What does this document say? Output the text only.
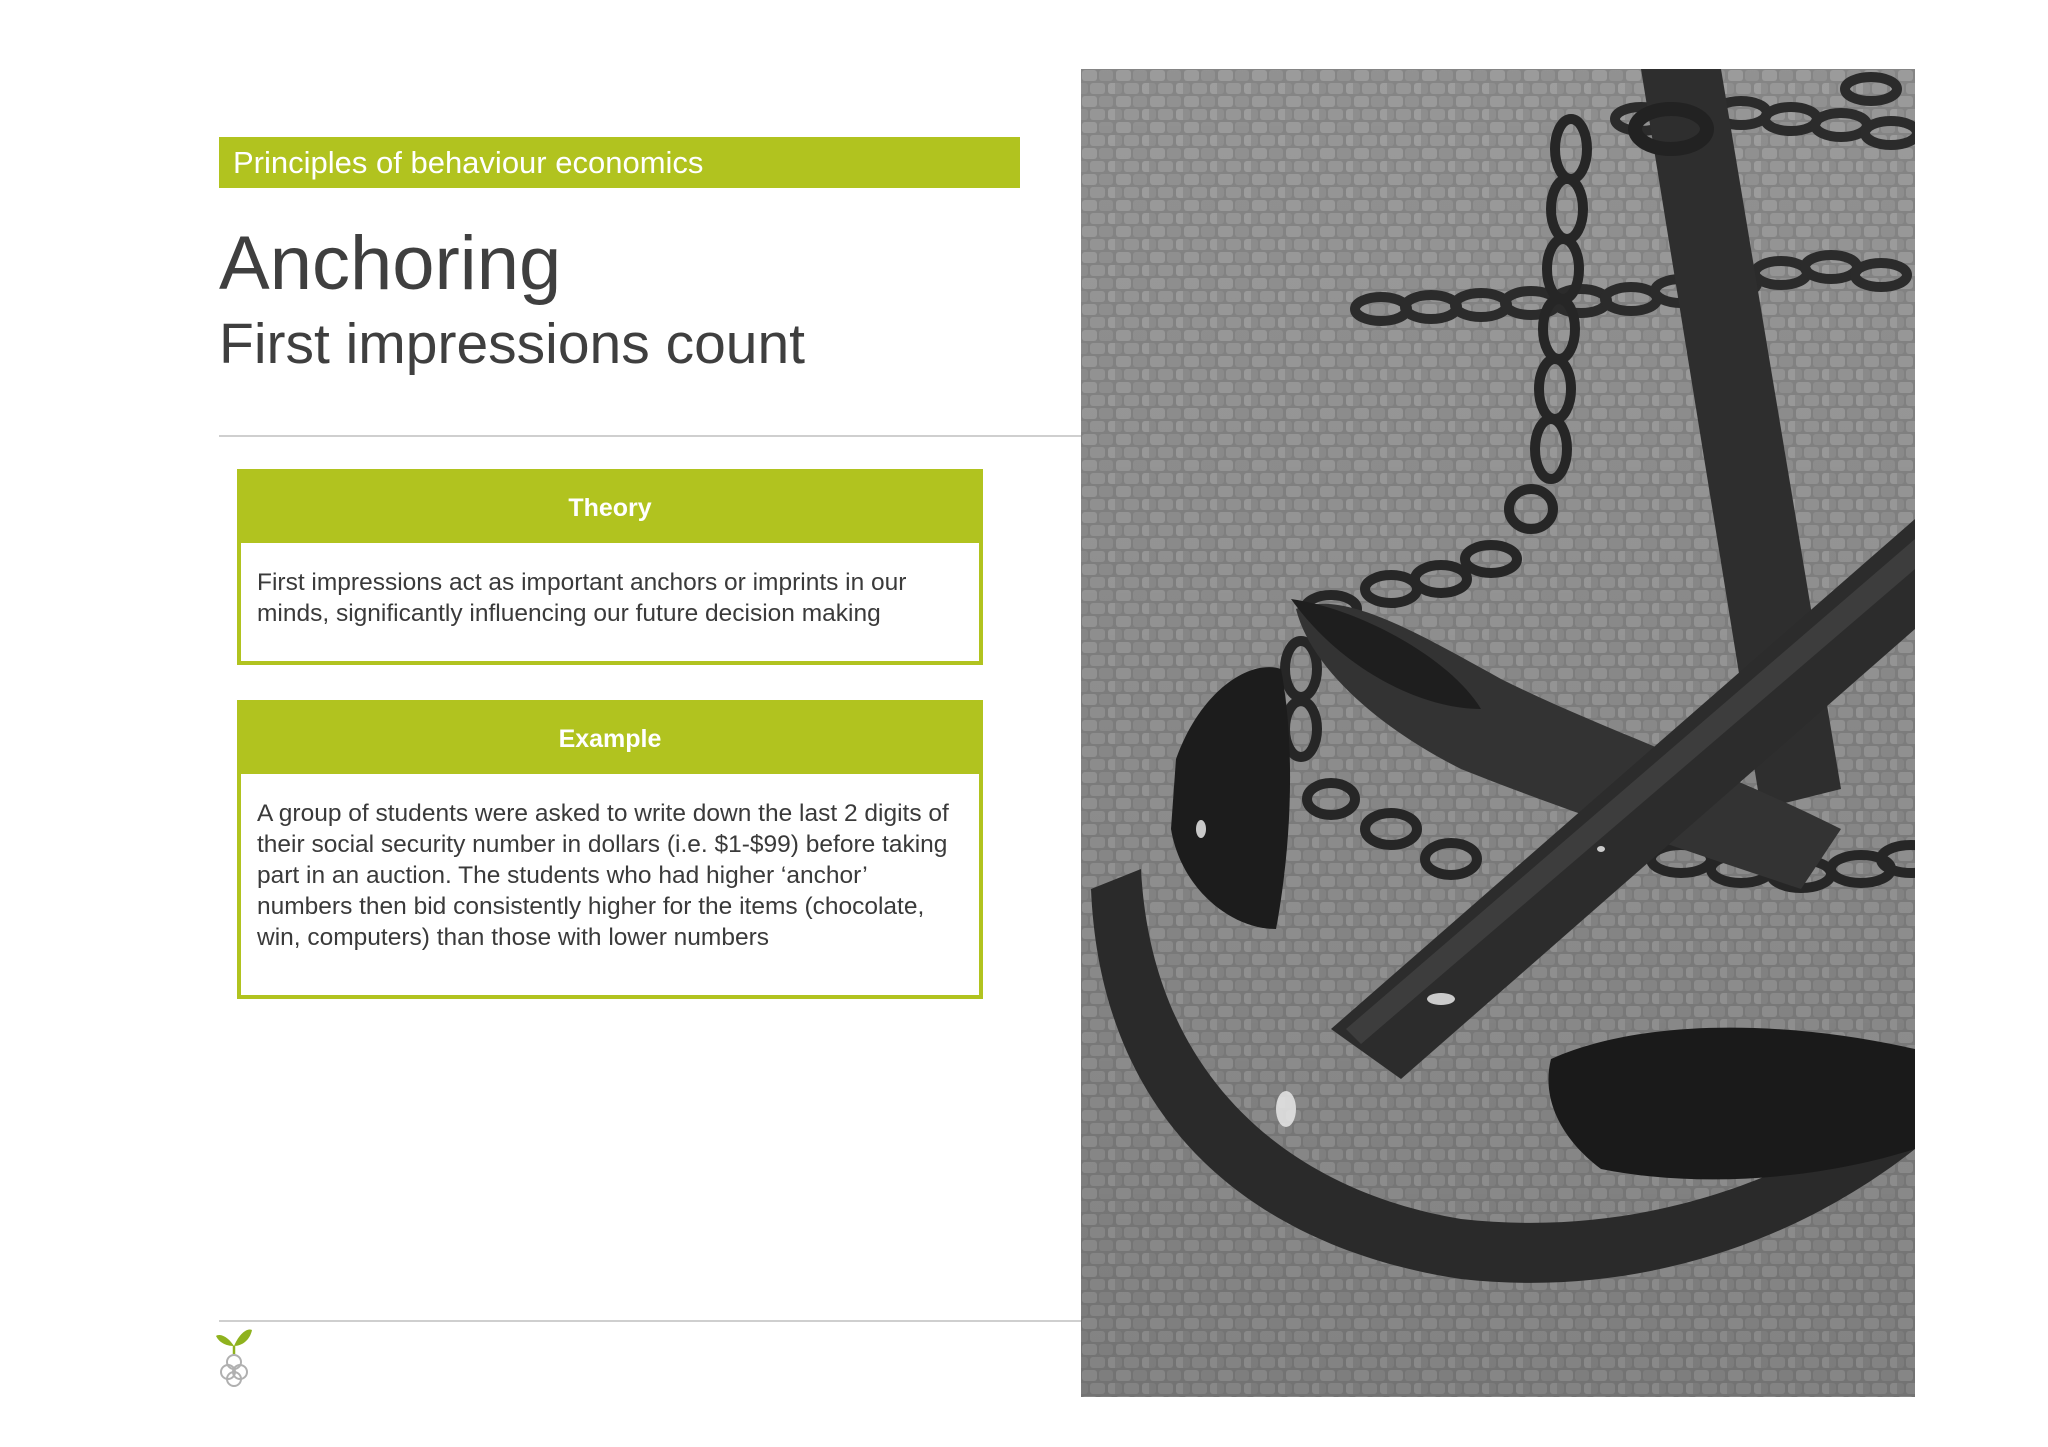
Principles of behaviour economics
Anchoring
First impressions count
Theory
First impressions act as important anchors or imprints in our minds, significantly influencing our future decision making
Example
A group of students were asked to write down the last 2 digits of their social security number in dollars (i.e. $1-$99) before taking part in an auction. The students who had higher ‘anchor’ numbers then bid consistently higher for the items (chocolate, win, computers) than those with lower numbers
